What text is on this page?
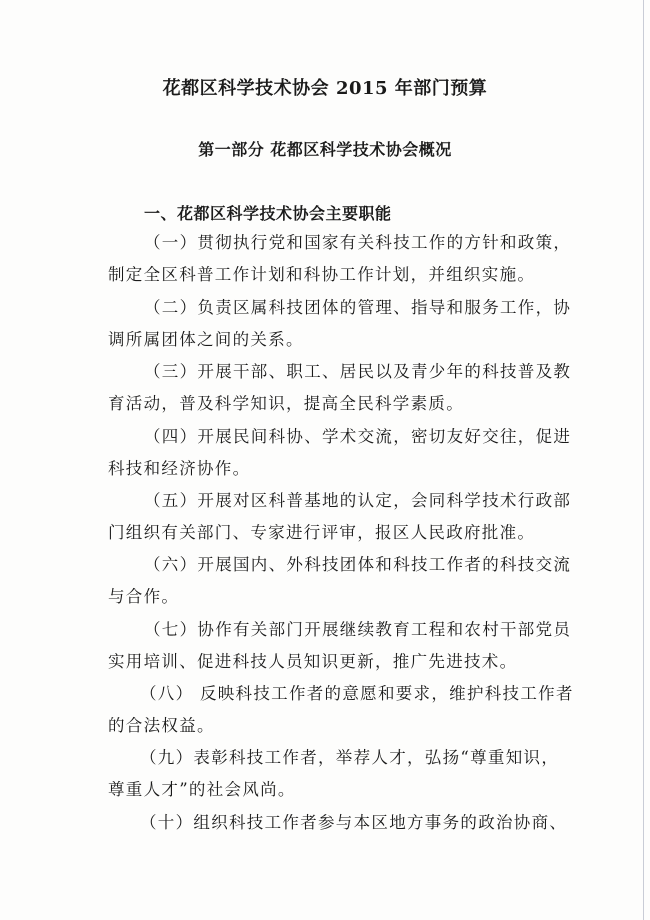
花都区科学技术协会 2015 年部门预算
第一部分 花都区科学技术协会概况
一、花都区科学技术协会主要职能
（一）贯彻执行党和国家有关科技工作的方针和政策，
制定全区科普工作计划和科协工作计划，并组织实施。
（二）负责区属科技团体的管理、指导和服务工作，协
调所属团体之间的关系。
（三）开展干部、职工、居民以及青少年的科技普及教
育活动，普及科学知识，提高全民科学素质。
（四）开展民间科协、学术交流，密切友好交往，促进
科技和经济协作。
（五）开展对区科普基地的认定，会同科学技术行政部
门组织有关部门、专家进行评审，报区人民政府批准。
（六）开展国内、外科技团体和科技工作者的科技交流
与合作。
（七）协作有关部门开展继续教育工程和农村干部党员
实用培训、促进科技人员知识更新，推广先进技术。
（八） 反映科技工作者的意愿和要求，维护科技工作者
的合法权益。
（九）表彰科技工作者，举荐人才，弘扬“尊重知识，
尊重人才”的社会风尚。
（十）组织科技工作者参与本区地方事务的政治协商、
